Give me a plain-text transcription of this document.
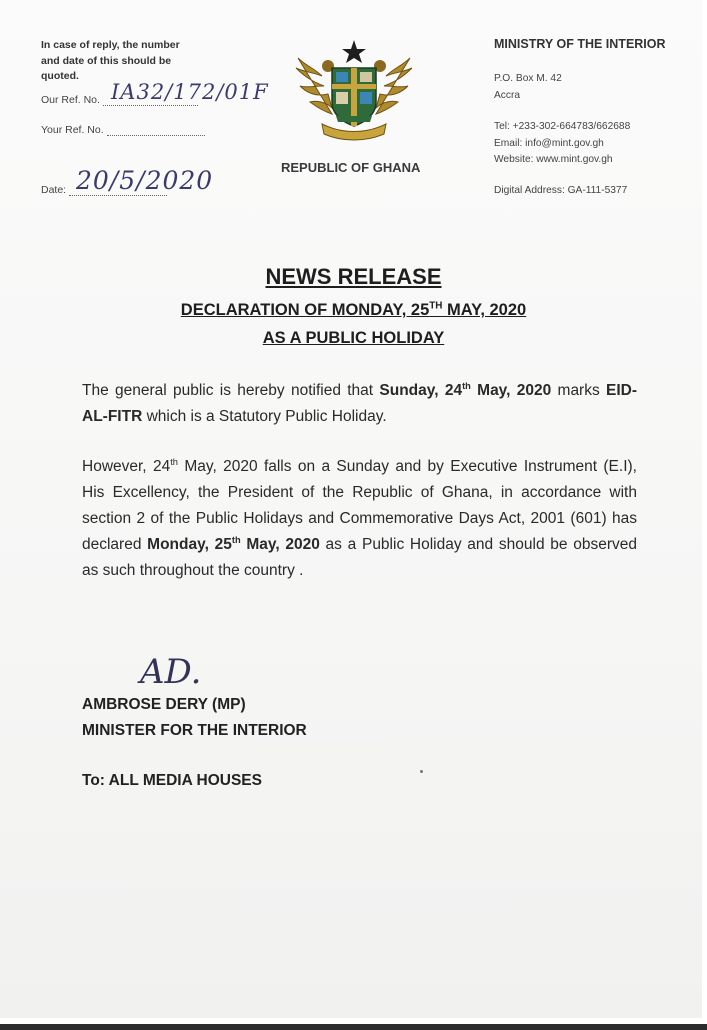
In case of reply, the number and date of this should be quoted.
Our Ref. No. IA32/172/01F
Your Ref. No.
Date: 20/5/2020	REPUBLIC OF GHANA
MINISTRY OF THE INTERIOR
P.O. Box M. 42
Accra
Tel: +233-302-664783/662688
Email: info@mint.gov.gh
Website: www.mint.gov.gh
Digital Address: GA-111-5377
NEWS RELEASE
DECLARATION OF MONDAY, 25TH MAY, 2020
AS A PUBLIC HOLIDAY
The general public is hereby notified that Sunday, 24th May, 2020 marks EID-AL-FITR which is a Statutory Public Holiday.
However, 24th May, 2020 falls on a Sunday and by Executive Instrument (E.I), His Excellency, the President of the Republic of Ghana, in accordance with section 2 of the Public Holidays and Commemorative Days Act, 2001 (601) has declared Monday, 25th May, 2020 as a Public Holiday and should be observed as such throughout the country .
AD.
AMBROSE DERY (MP)
MINISTER FOR THE INTERIOR
To: ALL MEDIA HOUSES
